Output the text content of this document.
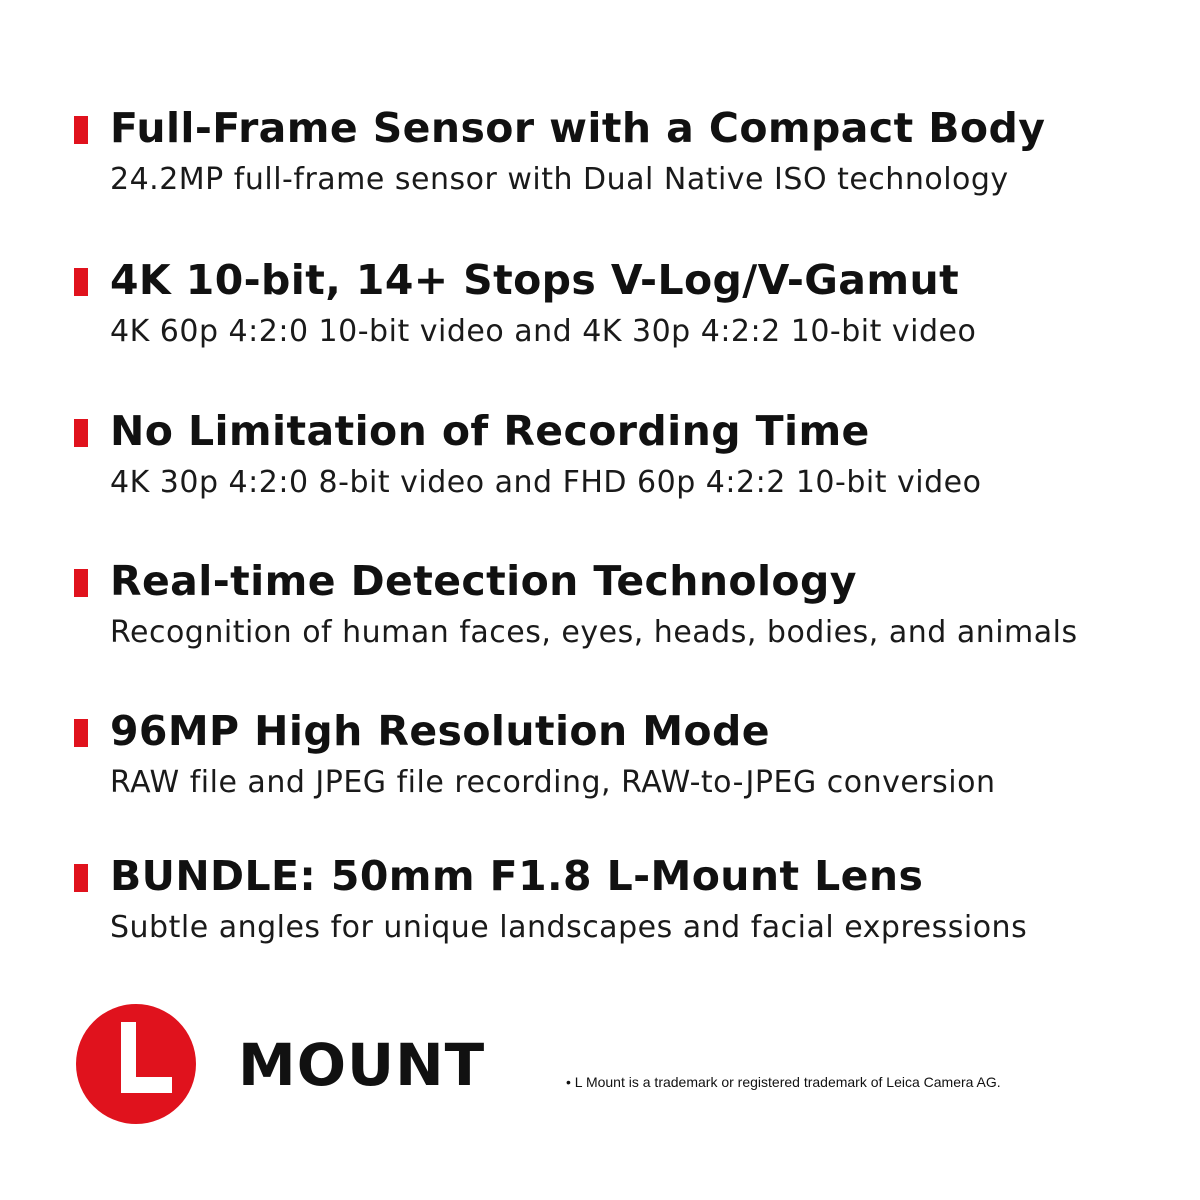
Full-Frame Sensor with a Compact Body
24.2MP full-frame sensor with Dual Native ISO technology
4K 10-bit, 14+ Stops V-Log/V-Gamut
4K 60p 4:2:0 10-bit video and 4K 30p 4:2:2 10-bit video
No Limitation of Recording Time
4K 30p 4:2:0 8-bit video and FHD 60p 4:2:2 10-bit video
Real-time Detection Technology
Recognition of human faces, eyes, heads, bodies, and animals
96MP High Resolution Mode
RAW file and JPEG file recording, RAW-to-JPEG conversion
BUNDLE: 50mm F1.8 L-Mount Lens
Subtle angles for unique landscapes and facial expressions
MOUNT	• L Mount is a trademark or registered trademark of Leica Camera AG.
